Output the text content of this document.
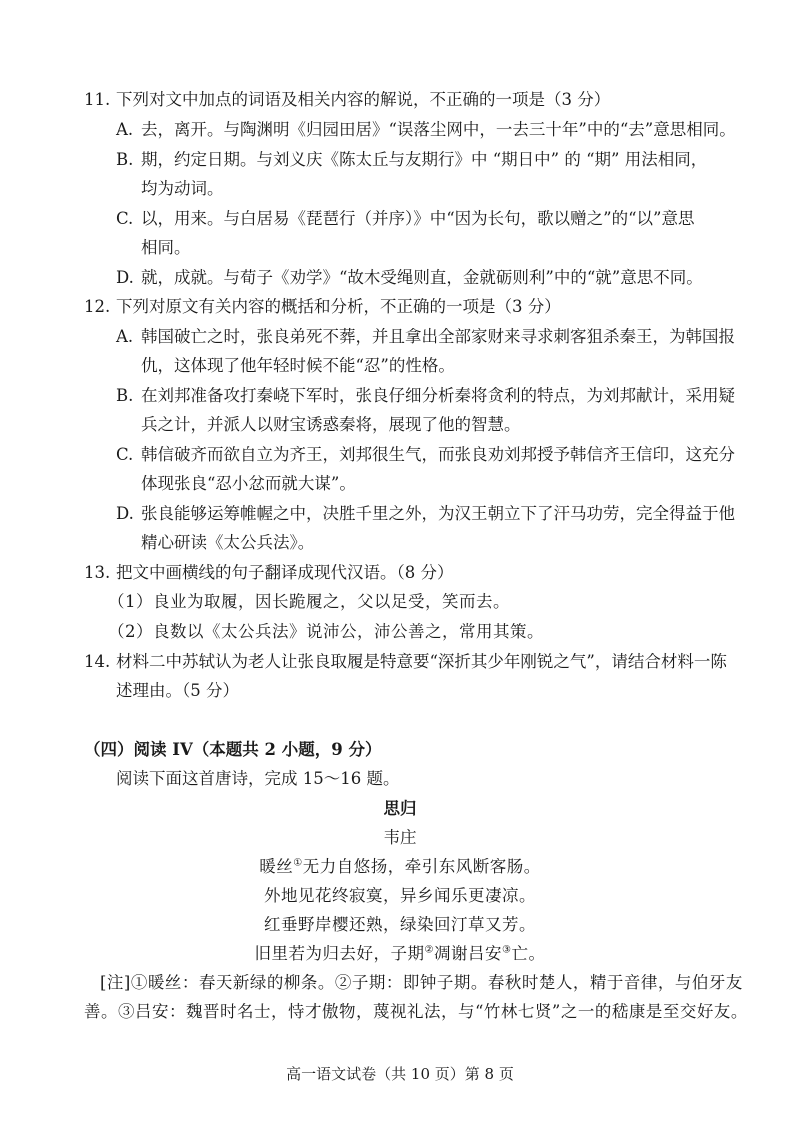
11. 下列对文中加点的词语及相关内容的解说，不正确的一项是（3 分）
A. 去，离开。与陶渊明《归园田居》“误落尘网中，一去三十年”中的“去”意思相同。
B. 期，约定日期。与刘义庆《陈太丘与友期行》中 “期日中” 的 “期” 用法相同，
均为动词。
C. 以，用来。与白居易《琵琶行（并序）》中“因为长句，歌以赠之”的“以”意思
相同。
D. 就，成就。与荀子《劝学》“故木受绳则直，金就砺则利”中的“就”意思不同。
12. 下列对原文有关内容的概括和分析，不正确的一项是（3 分）
A. 韩国破亡之时，张良弟死不葬，并且拿出全部家财来寻求刺客狙杀秦王，为韩国报
仇，这体现了他年轻时候不能“忍”的性格。
B. 在刘邦准备攻打秦峣下军时，张良仔细分析秦将贪利的特点，为刘邦献计，采用疑
兵之计，并派人以财宝诱惑秦将，展现了他的智慧。
C. 韩信破齐而欲自立为齐王，刘邦很生气，而张良劝刘邦授予韩信齐王信印，这充分
体现张良“忍小忿而就大谋”。
D. 张良能够运筹帷幄之中，决胜千里之外，为汉王朝立下了汗马功劳，完全得益于他
精心研读《太公兵法》。
13. 把文中画横线的句子翻译成现代汉语。（8 分）
（1）良业为取履，因长跪履之，父以足受，笑而去。
（2）良数以《太公兵法》说沛公，沛公善之，常用其策。
14. 材料二中苏轼认为老人让张良取履是特意要“深折其少年刚锐之气”，请结合材料一陈
述理由。（5 分）
（四）阅读 IV（本题共 2 小题，9 分）
阅读下面这首唐诗，完成 15～16 题。
思归
韦庄
暖丝①无力自悠扬，牵引东风断客肠。
外地见花终寂寞，异乡闻乐更凄凉。
红垂野岸樱还熟，绿染回汀草又芳。
旧里若为归去好，子期②凋谢吕安③亡。
[注]①暖丝：春天新绿的柳条。②子期：即钟子期。春秋时楚人，精于音律，与伯牙友
善。③吕安：魏晋时名士，恃才傲物，蔑视礼法，与“竹林七贤”之一的嵇康是至交好友。
高一语文试卷（共 10 页）第 8 页
